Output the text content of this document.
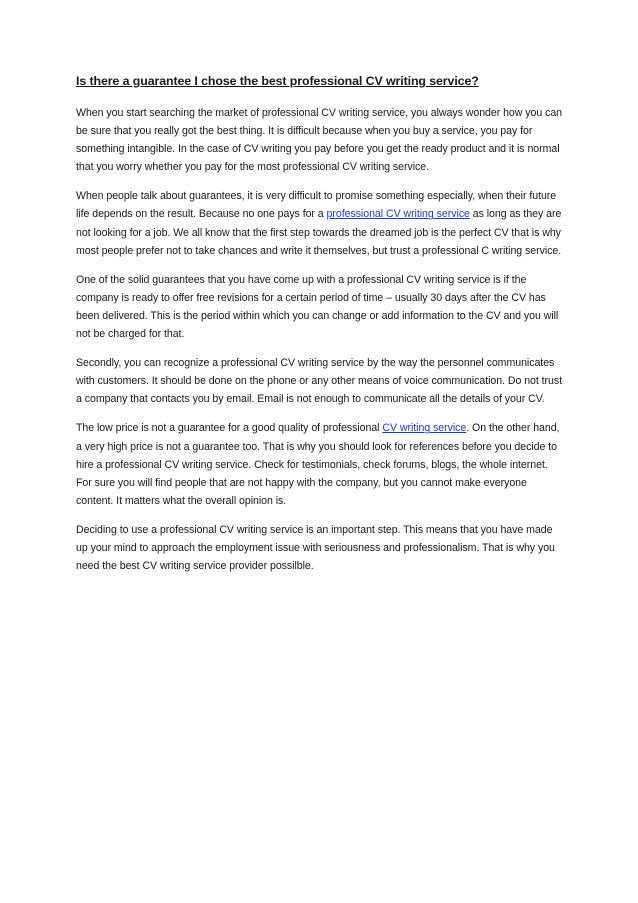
Is there a guarantee I chose the best professional CV writing service?

When you start searching the market of professional CV writing service, you always wonder how you can be sure that you really got the best thing. It is difficult because when you buy a service, you pay for something intangible. In the case of CV writing you pay before you get the ready product and it is normal that you worry whether you pay for the most professional CV writing service.

When people talk about guarantees, it is very difficult to promise something especially, when their future life depends on the result. Because no one pays for a professional CV writing service as long as they are not looking for a job. We all know that the first step towards the dreamed job is the perfect CV that is why most people prefer not to take chances and write it themselves, but trust a professional C writing service.

One of the solid guarantees that you have come up with a professional CV writing service is if the company is ready to offer free revisions for a certain period of time – usually 30 days after the CV has been delivered. This is the period within which you can change or add information to the CV and you will not be charged for that.

Secondly, you can recognize a professional CV writing service by the way the personnel communicates with customers. It should be done on the phone or any other means of voice communication. Do not trust a company that contacts you by email. Email is not enough to communicate all the details of your CV.

The low price is not a guarantee for a good quality of professional CV writing service. On the other hand, a very high price is not a guarantee too. That is why you should look for references before you decide to hire a professional CV writing service. Check for testimonials, check forums, blogs, the whole internet. For sure you will find people that are not happy with the company, but you cannot make everyone content. It matters what the overall opinion is.

Deciding to use a professional CV writing service is an important step. This means that you have made up your mind to approach the employment issue with seriousness and professionalism. That is why you need the best CV writing service provider possilble.
